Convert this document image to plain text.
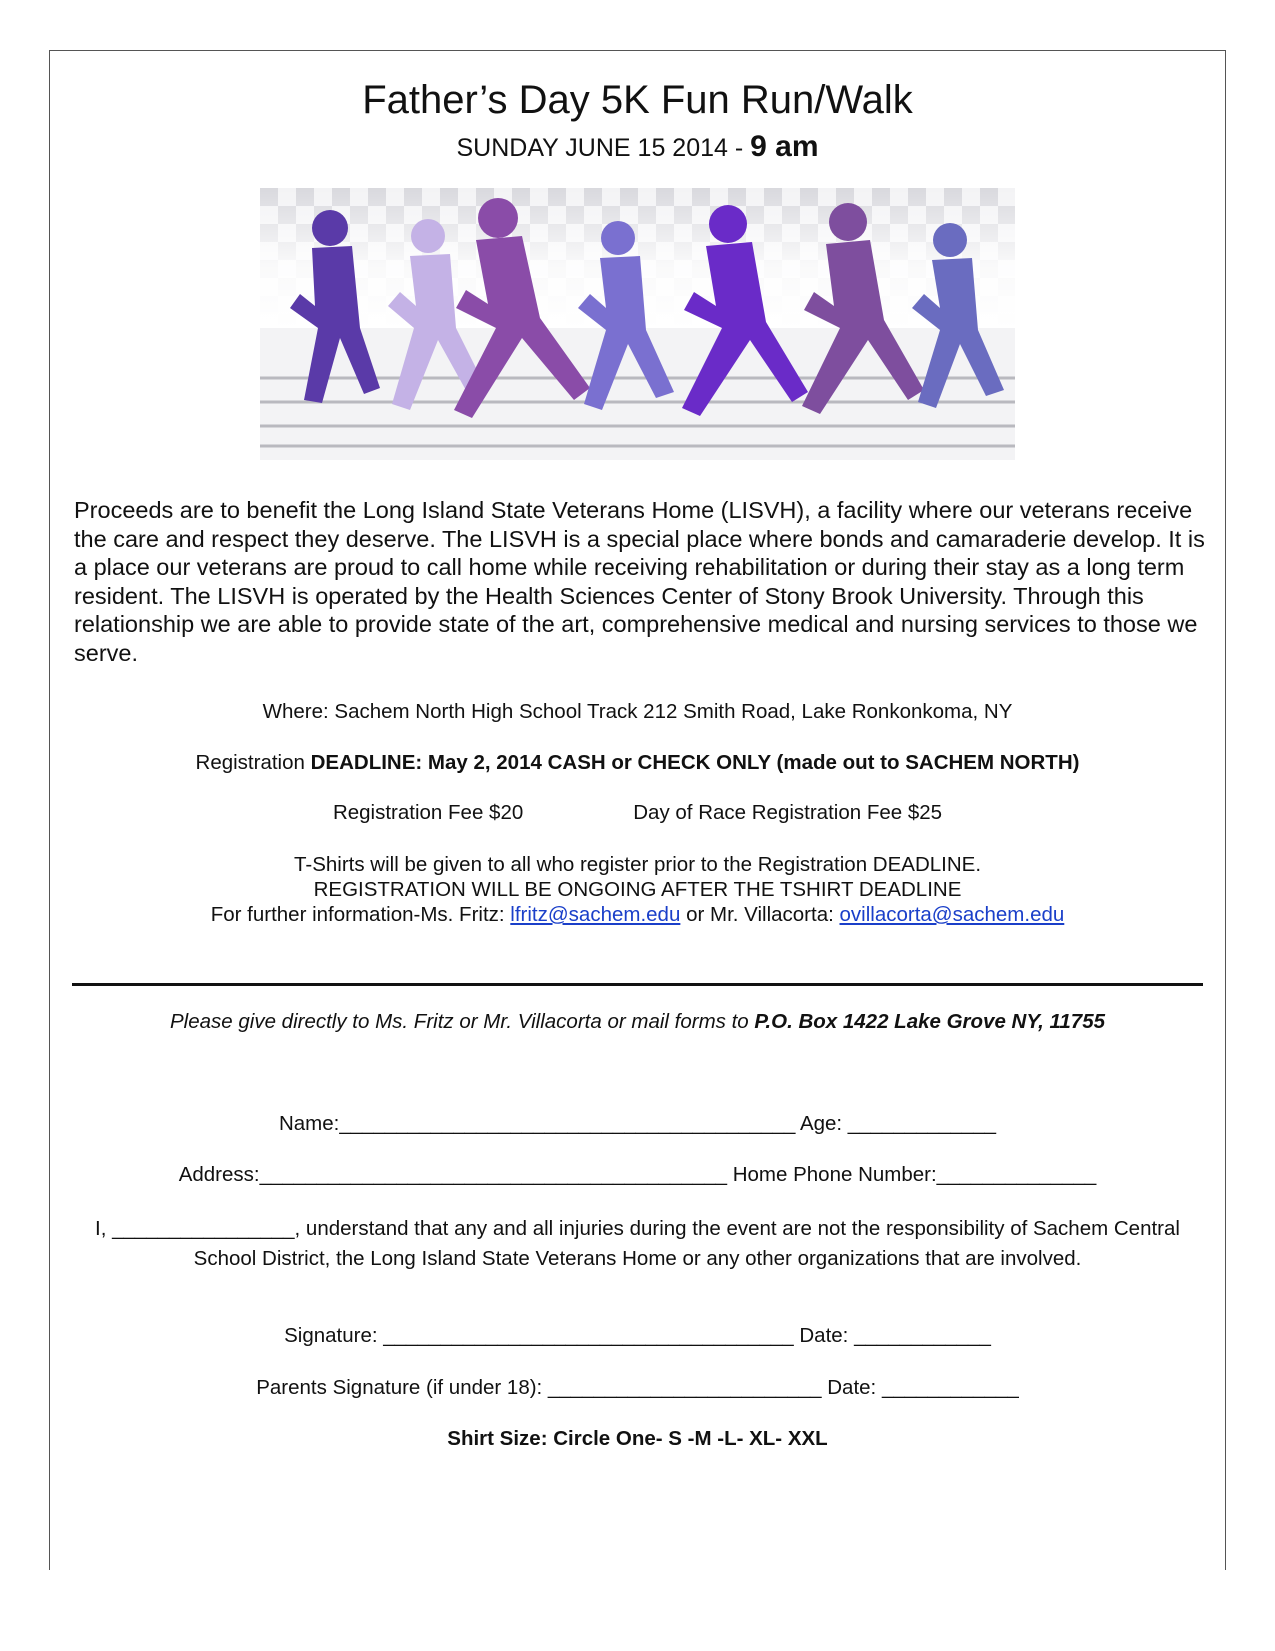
Father’s Day 5K Fun Run/Walk
SUNDAY JUNE 15 2014 - 9 am
Proceeds are to benefit the Long Island State Veterans Home (LISVH), a facility where our veterans receive the care and respect they deserve. The LISVH is a special place where bonds and camaraderie develop. It is a place our veterans are proud to call home while receiving rehabilitation or during their stay as a long term resident. The LISVH is operated by the Health Sciences Center of Stony Brook University. Through this relationship we are able to provide state of the art, comprehensive medical and nursing services to those we serve.
Where: Sachem North High School Track 212 Smith Road, Lake Ronkonkoma, NY
Registration DEADLINE: May 2, 2014 CASH or CHECK ONLY (made out to SACHEM NORTH)
Registration Fee $20	Day of Race Registration Fee $25
T-Shirts will be given to all who register prior to the Registration DEADLINE.
REGISTRATION WILL BE ONGOING AFTER THE TSHIRT DEADLINE
For further information-Ms. Fritz: lfritz@sachem.edu or Mr. Villacorta: ovillacorta@sachem.edu
Please give directly to Ms. Fritz or Mr. Villacorta or mail forms to P.O. Box 1422 Lake Grove NY, 11755
Name:________________________________________ Age: _____________
Address:_________________________________________ Home Phone Number:______________
I, ________________, understand that any and all injuries during the event are not the responsibility of Sachem Central School District, the Long Island State Veterans Home or any other organizations that are involved.
Signature: ____________________________________ Date: ____________
Parents Signature (if under 18): ________________________ Date: ____________
Shirt Size: Circle One- S -M -L- XL- XXL
